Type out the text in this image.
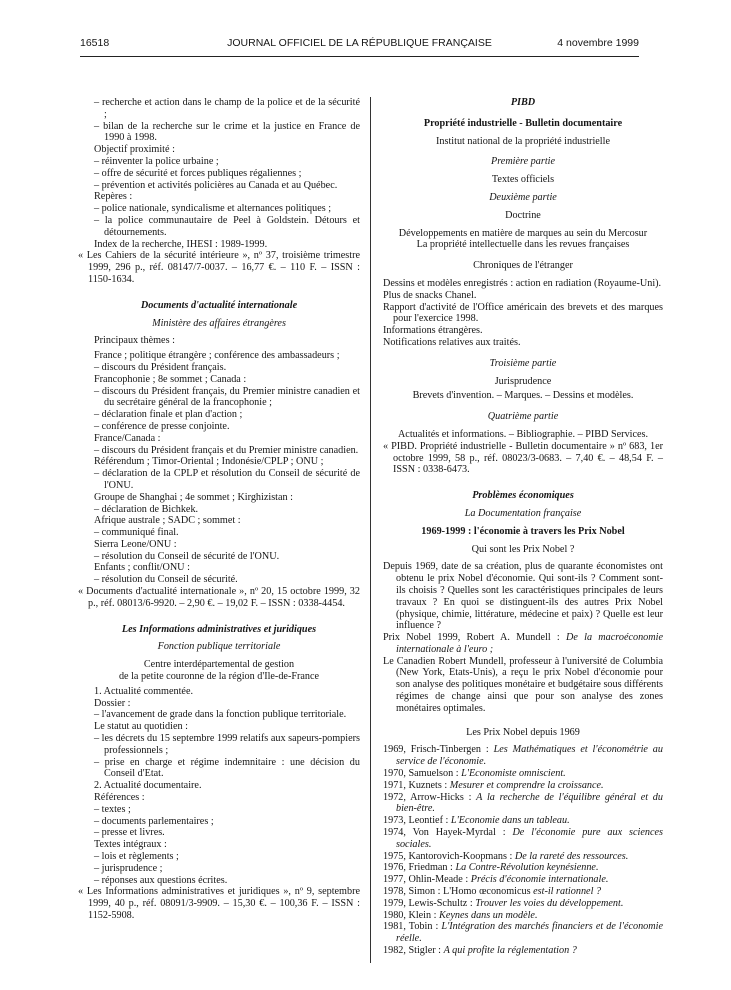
16518	JOURNAL OFFICIEL DE LA RÉPUBLIQUE FRANÇAISE	4 novembre 1999

– recherche et action dans le champ de la police et de la sécurité ;

– bilan de la recherche sur le crime et la justice en France de 1990 à 1998.

Objectif proximité :

– réinventer la police urbaine ;

– offre de sécurité et forces publiques régaliennes ;

– prévention et activités policières au Canada et au Québec.

Repères :

– police nationale, syndicalisme et alternances politiques ;

– la police communautaire de Peel à Goldstein. Détours et détournements.

Index de la recherche, IHESI : 1989-1999.

« Les Cahiers de la sécurité intérieure », nº 37, troisième trimestre 1999, 296 p., réf. 08147/7-0037. – 16,77 €. – 110 F. – ISSN : 1150-1634.

Documents d'actualité internationale

Ministère des affaires étrangères

Principaux thèmes :

France ; politique étrangère ; conférence des ambassadeurs ;

– discours du Président français.

Francophonie ; 8e sommet ; Canada :

– discours du Président français, du Premier ministre canadien et du secrétaire général de la francophonie ;

– déclaration finale et plan d'action ;

– conférence de presse conjointe.

France/Canada :

– discours du Président français et du Premier ministre canadien.

Référendum ; Timor-Oriental ; Indonésie/CPLP ; ONU ;

– déclaration de la CPLP et résolution du Conseil de sécurité de l'ONU.

Groupe de Shanghai ; 4e sommet ; Kirghizistan :

– déclaration de Bichkek.

Afrique australe ; SADC ; sommet :

– communiqué final.

Sierra Leone/ONU :

– résolution du Conseil de sécurité de l'ONU.

Enfants ; conflit/ONU :

– résolution du Conseil de sécurité.

« Documents d'actualité internationale », nº 20, 15 octobre 1999, 32 p., réf. 08013/6-9920. – 2,90 €. – 19,02 F. – ISSN : 0338-4454.

Les Informations administratives et juridiques

Fonction publique territoriale

Centre interdépartemental de gestion

de la petite couronne de la région d'Ile-de-France

1. Actualité commentée.

Dossier :

– l'avancement de grade dans la fonction publique territoriale.

Le statut au quotidien :

– les décrets du 15 septembre 1999 relatifs aux sapeurs-pompiers professionnels ;

– prise en charge et régime indemnitaire : une décision du Conseil d'Etat.

2. Actualité documentaire.

Références :

– textes ;

– documents parlementaires ;

– presse et livres.

Textes intégraux :

– lois et règlements ;

– jurisprudence ;

– réponses aux questions écrites.

« Les Informations administratives et juridiques », nº 9, septembre 1999, 40 p., réf. 08091/3-9909. – 15,30 €. – 100,36 F. – ISSN : 1152-5908.

PIBD

Propriété industrielle - Bulletin documentaire

Institut national de la propriété industrielle

Première partie

Textes officiels

Deuxième partie

Doctrine

Développements en matière de marques au sein du Mercosur

La propriété intellectuelle dans les revues françaises

Chroniques de l'étranger

Dessins et modèles enregistrés : action en radiation (Royaume-Uni).

Plus de snacks Chanel.

Rapport d'activité de l'Office américain des brevets et des marques pour l'exercice 1998.

Informations étrangères.

Notifications relatives aux traités.

Troisième partie

Jurisprudence

Brevets d'invention. – Marques. – Dessins et modèles.

Quatrième partie

Actualités et informations. – Bibliographie. – PIBD Services.

« PIBD. Propriété industrielle - Bulletin documentaire » nº 683, 1er octobre 1999, 58 p., réf. 08023/3-0683. – 7,40 €. – 48,54 F. – ISSN : 0338-6473.

Problèmes économiques

La Documentation française

1969-1999 : l'économie à travers les Prix Nobel

Qui sont les Prix Nobel ?

Depuis 1969, date de sa création, plus de quarante économistes ont obtenu le prix Nobel d'économie. Qui sont-ils ? Comment sont-ils choisis ? Quelles sont les caractéristiques principales de leurs travaux ? En quoi se distinguent-ils des autres Prix Nobel (physique, chimie, littérature, médecine et paix) ? Quelle est leur influence ?

Prix Nobel 1999, Robert A. Mundell : De la macroéconomie internationale à l'euro ;

Le Canadien Robert Mundell, professeur à l'université de Columbia (New York, Etats-Unis), a reçu le prix Nobel d'économie pour son analyse des politiques monétaire et budgétaire sous différents régimes de change ainsi que pour son analyse des zones monétaires optimales.

Les Prix Nobel depuis 1969

1969, Frisch-Tinbergen : Les Mathématiques et l'économétrie au service de l'économie.

1970, Samuelson : L'Economiste omniscient.

1971, Kuznets : Mesurer et comprendre la croissance.

1972, Arrow-Hicks : A la recherche de l'équilibre général et du bien-être.

1973, Leontief : L'Economie dans un tableau.

1974, Von Hayek-Myrdal : De l'économie pure aux sciences sociales.

1975, Kantorovich-Koopmans : De la rareté des ressources.

1976, Friedman : La Contre-Révolution keynésienne.

1977, Ohlin-Meade : Précis d'économie internationale.

1978, Simon : L'Homo œconomicus est-il rationnel ?

1979, Lewis-Schultz : Trouver les voies du développement.

1980, Klein : Keynes dans un modèle.

1981, Tobin : L'Intégration des marchés financiers et de l'économie réelle.

1982, Stigler : A qui profite la réglementation ?
